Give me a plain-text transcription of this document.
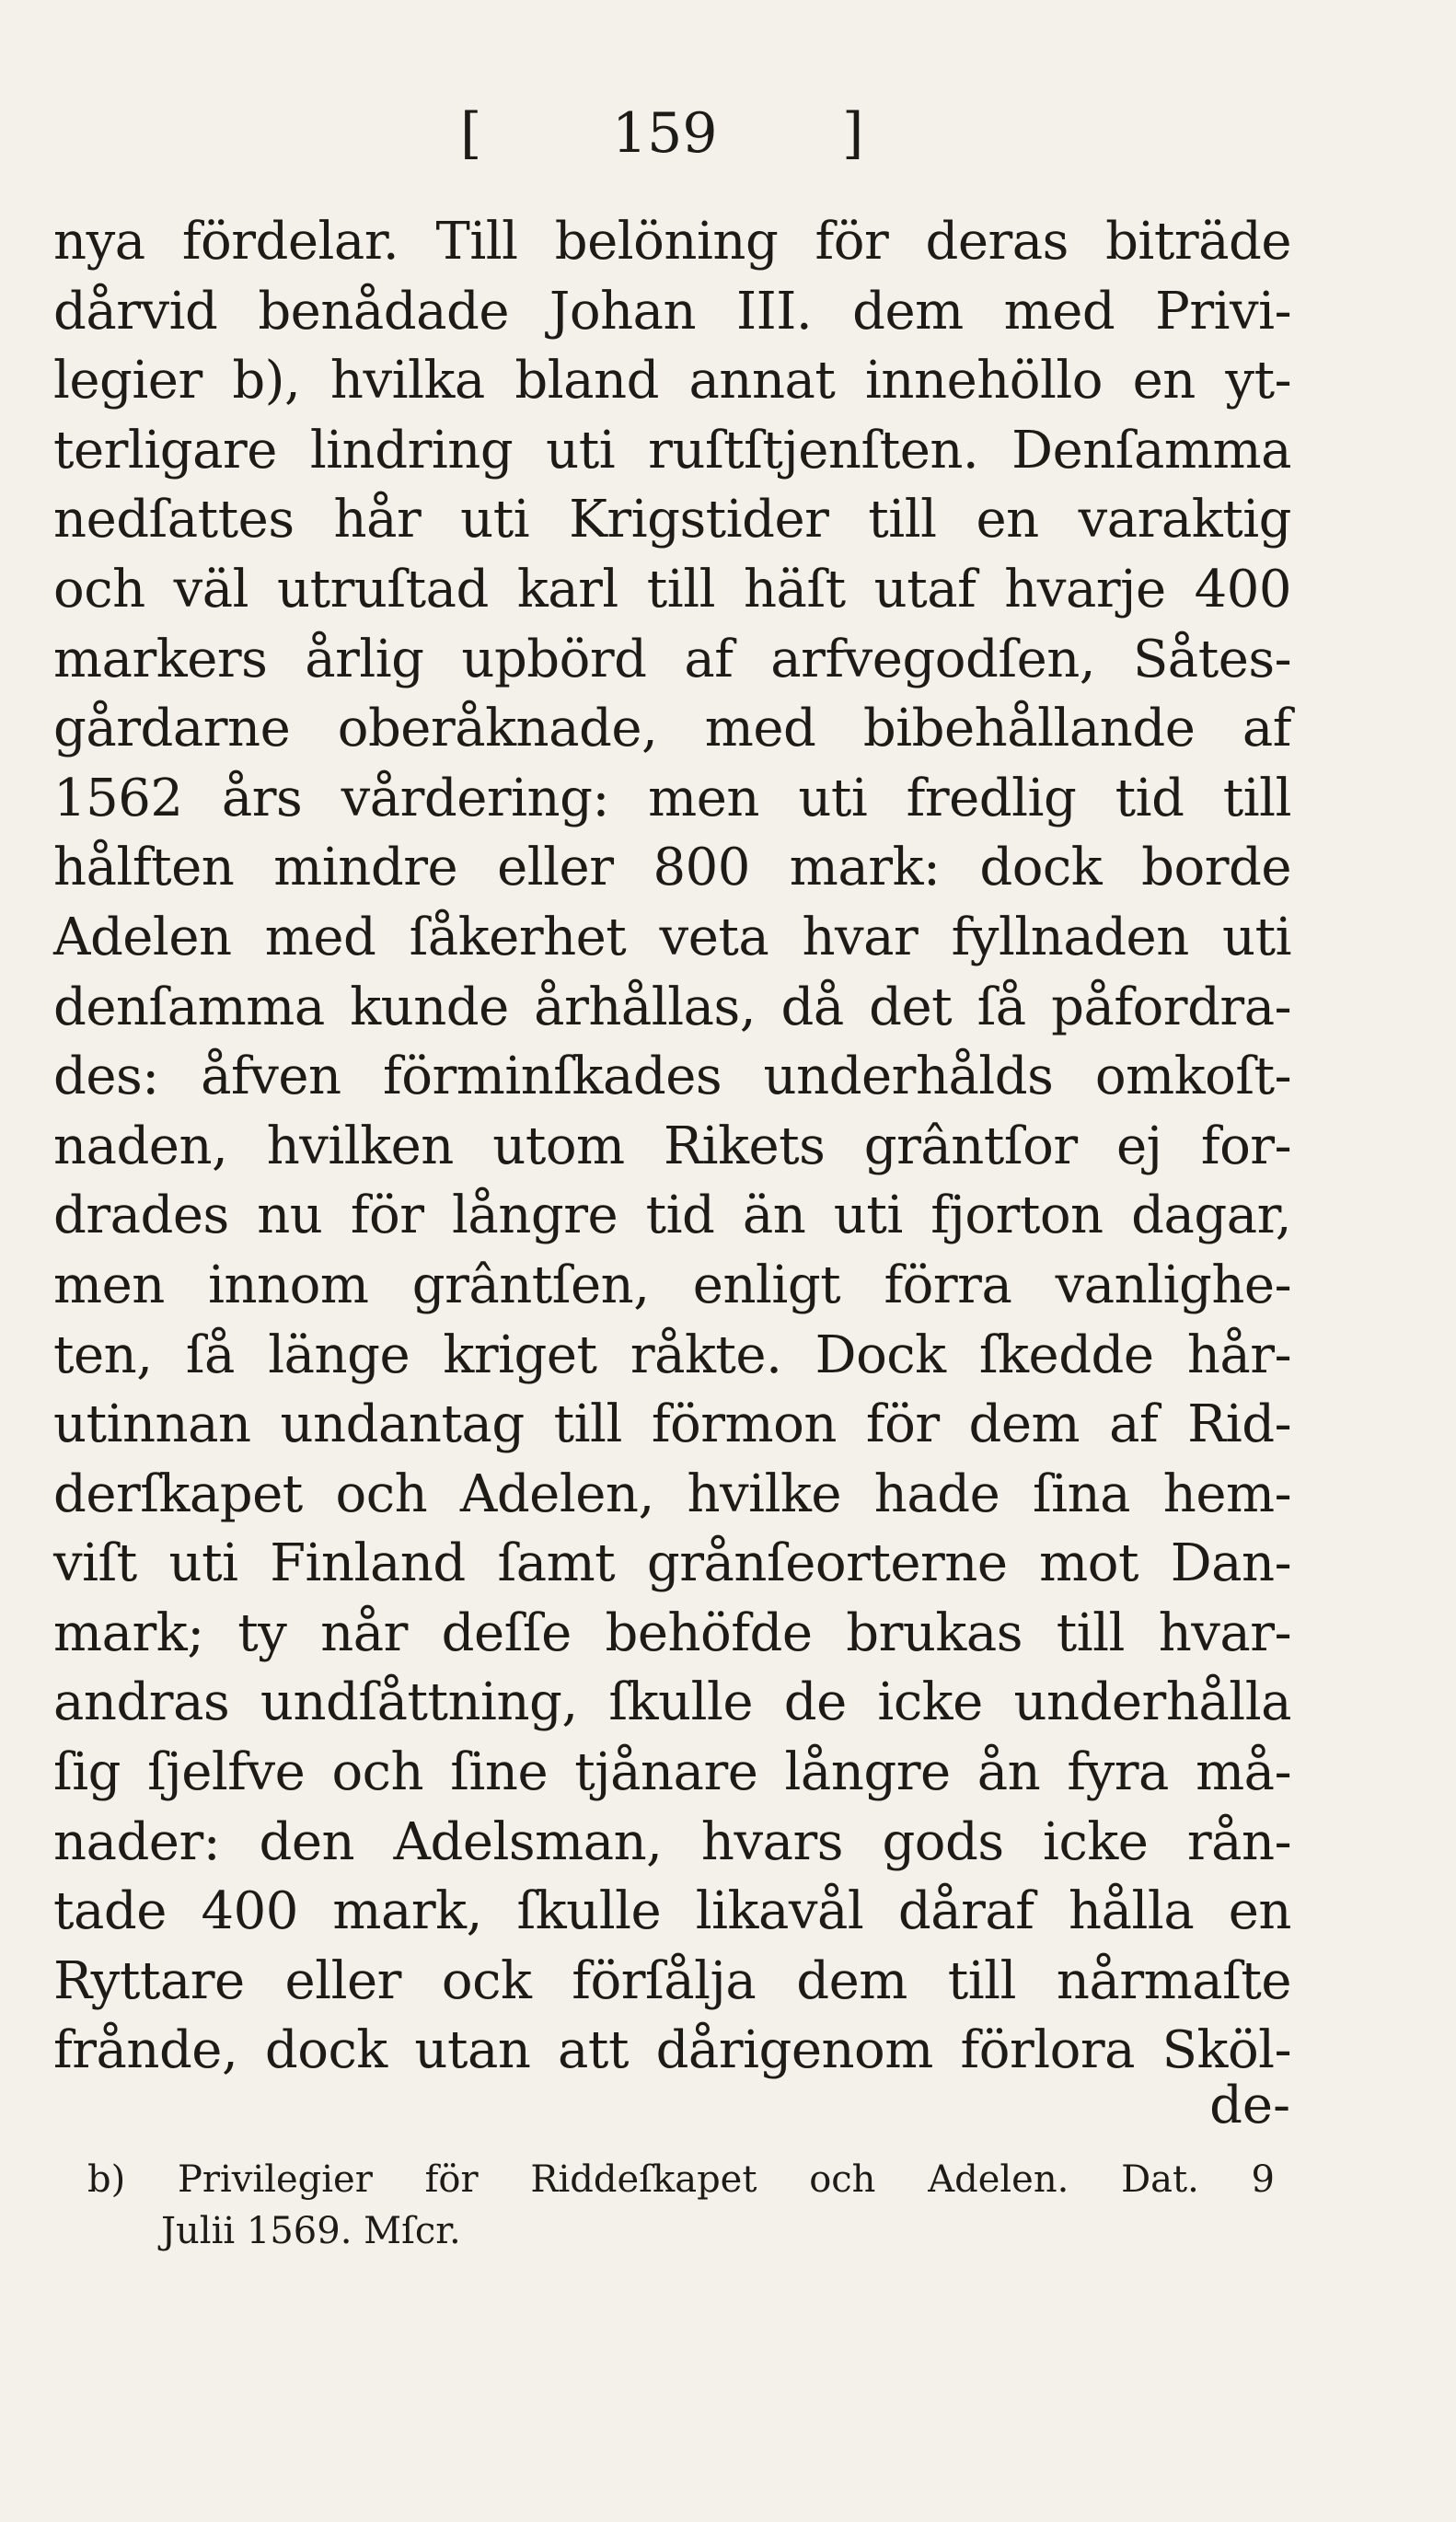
[ 159 ]
nya fördelar. Till belöning för deras biträde
dårvid benådade Johan III. dem med Privi-
legier b), hvilka bland annat innehöllo en yt-
terligare lindring uti ruſtſtjenſten. Denſamma
nedſattes hår uti Krigstider till en varaktig
och väl utruſtad karl till häſt utaf hvarje 400
markers årlig upbörd af arfvegodſen, Såtes-
gårdarne oberåknade, med bibehållande af
1562 års vårdering: men uti fredlig tid till
hålften mindre eller 800 mark: dock borde
Adelen med ſåkerhet veta hvar fyllnaden uti
denſamma kunde århållas, då det ſå påfordra-
des: åfven förminſkades underhålds omkoſt-
naden, hvilken utom Rikets grântſor ej for-
drades nu för långre tid än uti fjorton dagar,
men innom grântſen, enligt förra vanlighe-
ten, ſå länge kriget råkte. Dock ſkedde hår-
utinnan undantag till förmon för dem af Rid-
derſkapet och Adelen, hvilke hade ſina hem-
viſt uti Finland ſamt grånſeorterne mot Dan-
mark; ty når deſſe behöfde brukas till hvar-
andras undſåttning, ſkulle de icke underhålla
ſig ſjelfve och ſine tjånare långre ån fyra må-
nader: den Adelsman, hvars gods icke rån-
tade 400 mark, ſkulle likavål dåraf hålla en
Ryttare eller ock förſålja dem till nårmaſte
frånde, dock utan att dårigenom förlora Sköl-
de-
b) Privilegier för Riddeſkapet och Adelen. Dat. 9
Julii 1569. Mſcr.
